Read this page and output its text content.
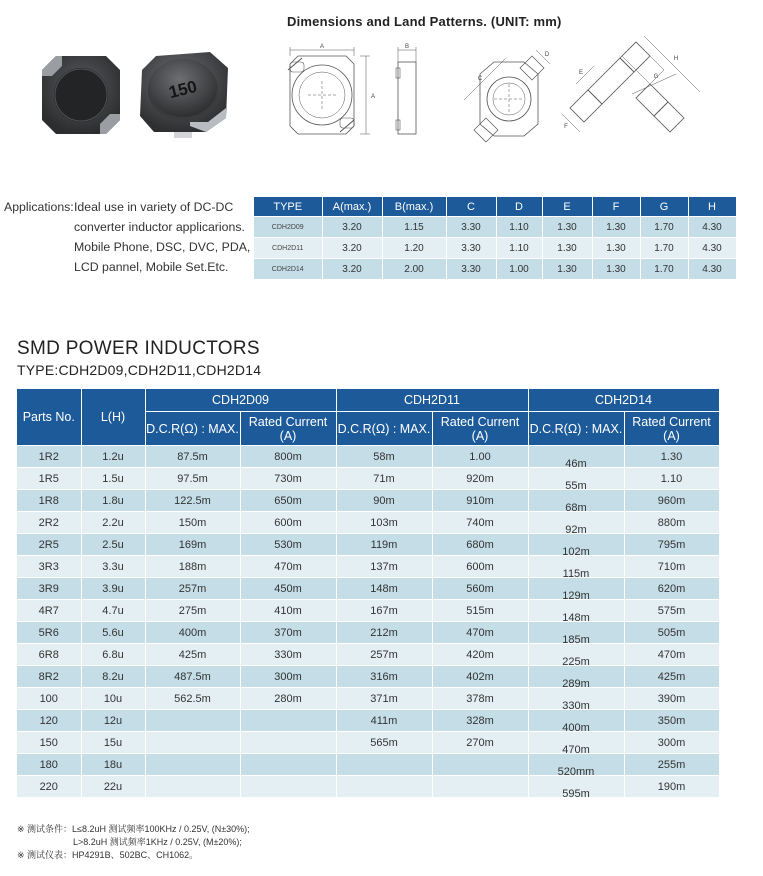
150
Dimensions and Land Patterns. (UNIT: mm)
A
A
B
C
D
E
F
G
H
Applications: Ideal use in variety of DC-DC
converter inductor applicarions.
Mobile Phone, DSC, DVC, PDA,
LCD pannel, Mobile Set.Etc.
TYPE	A(max.)	B(max.)	C	D	E	F	G	H
CDH2D09	3.20	1.15	3.30	1.10	1.30	1.30	1.70	4.30
CDH2D11	3.20	1.20	3.30	1.10	1.30	1.30	1.70	4.30
CDH2D14	3.20	2.00	3.30	1.00	1.30	1.30	1.70	4.30
SMD POWER INDUCTORS
TYPE:CDH2D09,CDH2D11,CDH2D14
Parts No.	L(H)	CDH2D09		CDH2D11		CDH2D14	
		D.C.R(Ω) : MAX.	Rated Current (A)	D.C.R(Ω) : MAX.	Rated Current (A)	D.C.R(Ω) : MAX.	Rated Current (A)
1R2	1.2u	87.5m	800m	58m	1.00	46m	1.30
1R5	1.5u	97.5m	730m	71m	920m	55m	1.10
1R8	1.8u	122.5m	650m	90m	910m	68m	960m
2R2	2.2u	150m	600m	103m	740m	92m	880m
2R5	2.5u	169m	530m	119m	680m	102m	795m
3R3	3.3u	188m	470m	137m	600m	115m	710m
3R9	3.9u	257m	450m	148m	560m	129m	620m
4R7	4.7u	275m	410m	167m	515m	148m	575m
5R6	5.6u	400m	370m	212m	470m	185m	505m
6R8	6.8u	425m	330m	257m	420m	225m	470m
8R2	8.2u	487.5m	300m	316m	402m	289m	425m
100	10u	562.5m	280m	371m	378m	330m	390m
120	12u			411m	328m	400m	350m
150	15u			565m	270m	470m	300m
180	18u					520mm	255m
220	22u					595m	190m
※ 测试条件：L≤8.2uH 测试频率100KHz / 0.25V, (N±30%);
L>8.2uH 测试频率1KHz / 0.25V, (M±20%);
※ 测试仪表：HP4291B、502BC、CH1062。
